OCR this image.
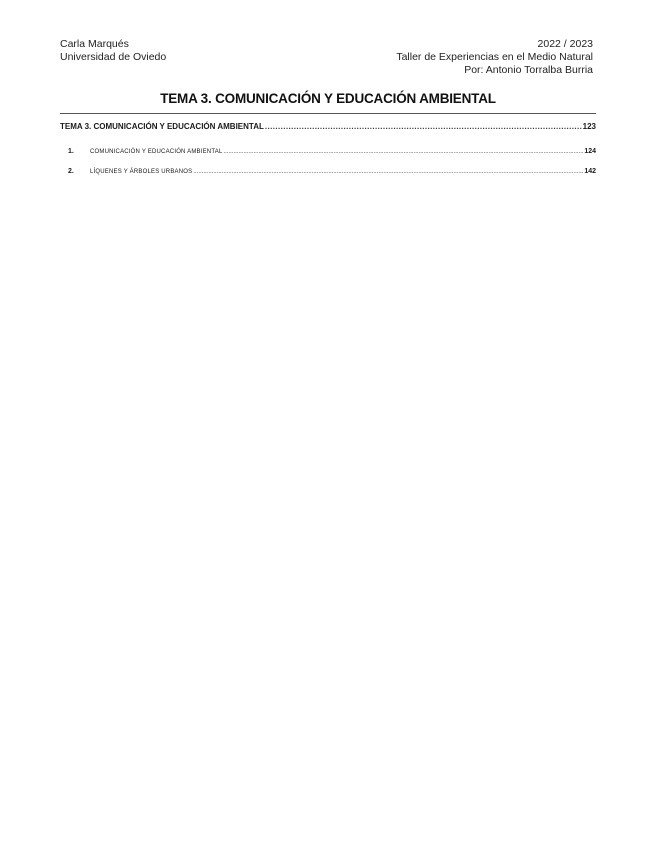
Carla Marqués
Universidad de Oviedo
2022 / 2023
Taller de Experiencias en el Medio Natural
Por: Antonio Torralba Burria
TEMA 3. COMUNICACIÓN Y EDUCACIÓN AMBIENTAL
TEMA 3. COMUNICACIÓN Y EDUCACIÓN AMBIENTAL .....	123
1.	COMUNICACIÓN Y EDUCACIÓN AMBIENTAL .....	124
2.	LÍQUENES Y ÁRBOLES URBANOS .....	142
